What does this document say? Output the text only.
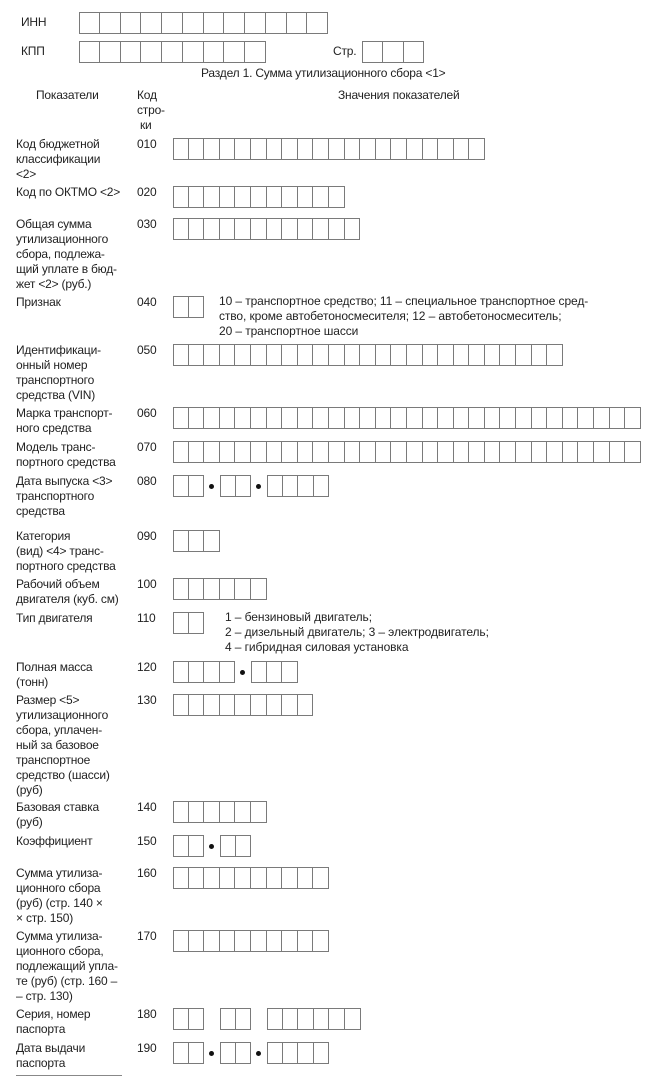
ИНН
КПП	Стр.
Раздел 1. Сумма утилизационного сбора <1>
Показатели	Код
стро-
ки
Значения показателей
Код бюджетной
классификации
<2>
010
Код по ОКТМО <2> 020
Общая сумма
утилизационного
сбора, подлежа-
щий уплате в бюд-
жет <2> (руб.)
030
Признак	040	10 – транспортное средство; 11 – специальное транспортное сред-
ство, кроме автобетоносмесителя; 12 – автобетоносмеситель;
20 – транспортное шасси
Идентификаци-
онный номер
транспортного
средства (VIN)
050
Марка транспорт-
ного средства
060
Модель транс-
портного средства
070
Дата выпуска <3>
транспортного
средства
080
Категория
(вид) <4> транс-
портного средства
090
Рабочий объем
двигателя (куб. см)
100
Тип двигателя	110	1 – бензиновый двигатель;
2 – дизельный двигатель; 3 – электродвигатель;
4 – гибридная силовая установка
Полная масса
(тонн)
120
Размер <5>
утилизационного
сбора, уплачен-
ный за базовое
транспортное
средство (шасси)
(руб)
130
Базовая ставка
(руб)
140
Коэффициент	150
Сумма утилиза-
ционного сбора
(руб) (стр. 140 ×
× стр. 150)
160
Сумма утилиза-
ционного сбора,
подлежащий упла-
те (руб) (стр. 160 –
– стр. 130)
170
Серия, номер
паспорта
180
Дата выдачи
паспорта
190
